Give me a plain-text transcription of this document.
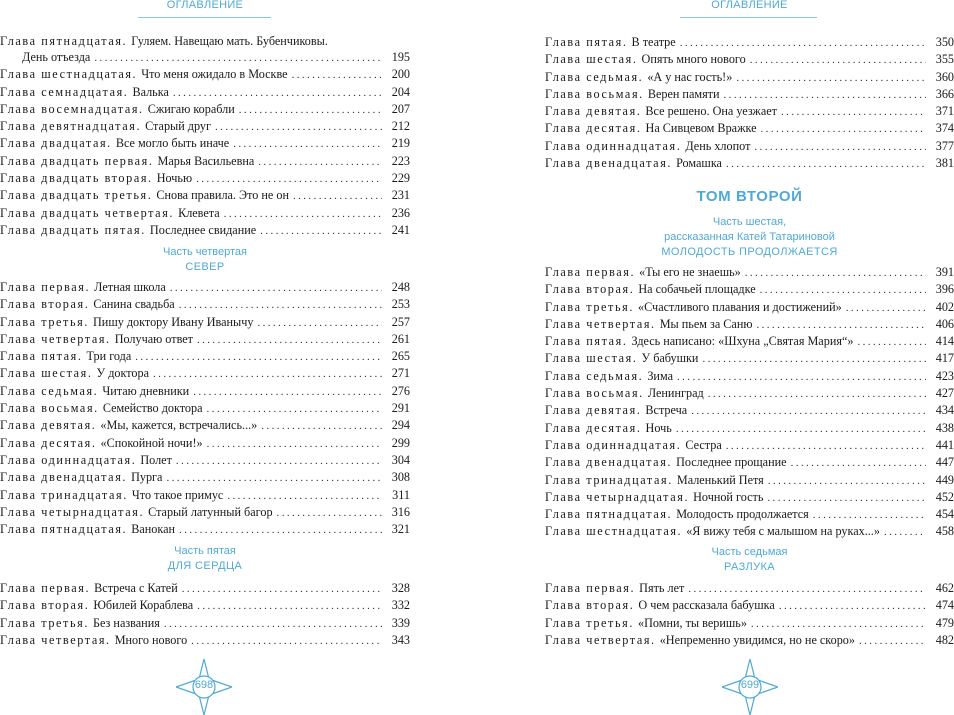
ОГЛАВЛЕНИЕ
Глава пятнадцатая. Гуляем. Навещаю мать. Бубенчиковы.
День отъезда .....	195
Глава шестнадцатая. Что меня ожидало в Москве .....	200
Глава семнадцатая. Валька .....	204
Глава восемнадцатая. Сжигаю корабли .....	207
Глава девятнадцатая. Старый друг .....	212
Глава двадцатая. Все могло быть иначе .....	219
Глава двадцать первая. Марья Васильевна .....	223
Глава двадцать вторая. Ночью .....	229
Глава двадцать третья. Снова правила. Это не он .....	231
Глава двадцать четвертая. Клевета .....	236
Глава двадцать пятая. Последнее свидание .....	241
Часть четвертая
СЕВЕР
Глава первая. Летная школа .....	248
Глава вторая. Санина свадьба .....	253
Глава третья. Пишу доктору Ивану Иванычу .....	257
Глава четвертая. Получаю ответ .....	261
Глава пятая. Три года .....	265
Глава шестая. У доктора .....	271
Глава седьмая. Читаю дневники .....	276
Глава восьмая. Семейство доктора .....	291
Глава девятая. «Мы, кажется, встречались...» .....	294
Глава десятая. «Спокойной ночи!» .....	299
Глава одиннадцатая. Полет .....	304
Глава двенадцатая. Пурга .....	308
Глава тринадцатая. Что такое примус .....	311
Глава четырнадцатая. Старый латунный багор .....	316
Глава пятнадцатая. Ванокан .....	321
Часть пятая
ДЛЯ СЕРДЦА
Глава первая. Встреча с Катей .....	328
Глава вторая. Юбилей Кораблева .....	332
Глава третья. Без названия .....	339
Глава четвертая. Много нового .....	343
698
ОГЛАВЛЕНИЕ
Глава пятая. В театре .....	350
Глава шестая. Опять много нового .....	355
Глава седьмая. «А у нас гость!» .....	360
Глава восьмая. Верен памяти .....	366
Глава девятая. Все решено. Она уезжает .....	371
Глава десятая. На Сивцевом Вражке .....	374
Глава одиннадцатая. День хлопот .....	377
Глава двенадцатая. Ромашка .....	381
ТОМ ВТОРОЙ
Часть шестая,
рассказанная Катей Татариновой
МОЛОДОСТЬ ПРОДОЛЖАЕТСЯ
Глава первая. «Ты его не знаешь» .....	391
Глава вторая. На собачьей площадке .....	396
Глава третья. «Счастливого плавания и достижений» .....	402
Глава четвертая. Мы пьем за Саню .....	406
Глава пятая. Здесь написано: «Шхуна „Святая Мария“» .....	414
Глава шестая. У бабушки .....	417
Глава седьмая. Зима .....	423
Глава восьмая. Ленинград .....	427
Глава девятая. Встреча .....	434
Глава десятая. Ночь .....	438
Глава одиннадцатая. Сестра .....	441
Глава двенадцатая. Последнее прощание .....	447
Глава тринадцатая. Маленький Петя .....	449
Глава четырнадцатая. Ночной гость .....	452
Глава пятнадцатая. Молодость продолжается .....	454
Глава шестнадцатая. «Я вижу тебя с малышом на руках...» .....	458
Часть седьмая
РАЗЛУКА
Глава первая. Пять лет .....	462
Глава вторая. О чем рассказала бабушка .....	474
Глава третья. «Помни, ты веришь» .....	479
Глава четвертая. «Непременно увидимся, но не скоро» .....	482
699
